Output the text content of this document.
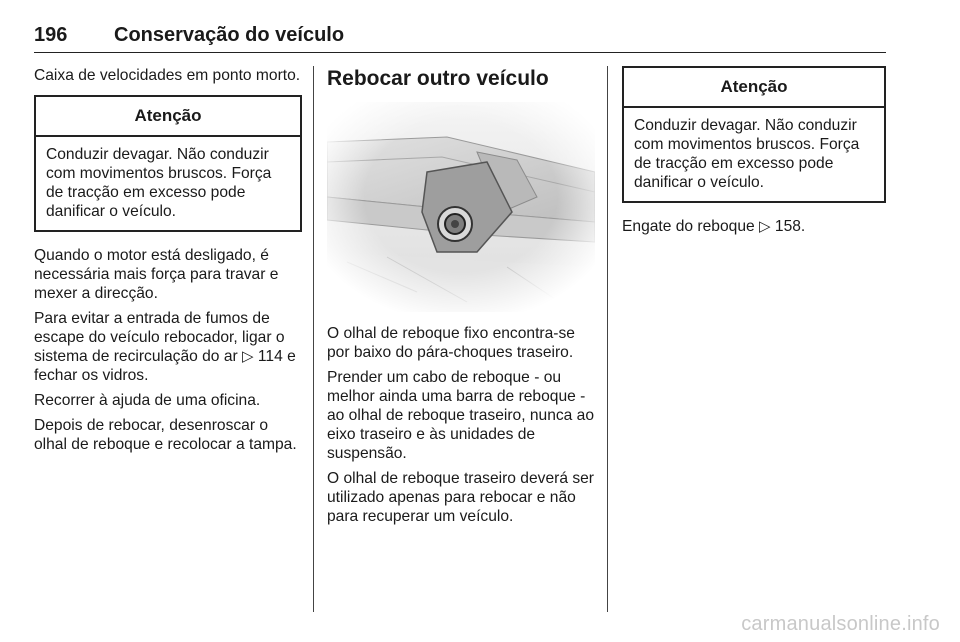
196 Conservação do veículo

Caixa de velocidades em ponto morto.

Atenção
Conduzir devagar. Não conduzir com movimentos bruscos. Força de tracção em excesso pode danificar o veículo.

Quando o motor está desligado, é necessária mais força para travar e mexer a direcção.

Para evitar a entrada de fumos de escape do veículo rebocador, ligar o sistema de recirculação do ar ▷ 114 e fechar os vidros.

Recorrer à ajuda de uma oficina.

Depois de rebocar, desenroscar o olhal de reboque e recolocar a tampa.

Rebocar outro veículo

O olhal de reboque fixo encontra-se por baixo do pára-choques traseiro.

Prender um cabo de reboque - ou melhor ainda uma barra de reboque - ao olhal de reboque traseiro, nunca ao eixo traseiro e às unidades de suspensão.

O olhal de reboque traseiro deverá ser utilizado apenas para rebocar e não para recuperar um veículo.

Atenção
Conduzir devagar. Não conduzir com movimentos bruscos. Força de tracção em excesso pode danificar o veículo.

Engate do reboque ▷ 158.

carmanualsonline.info
